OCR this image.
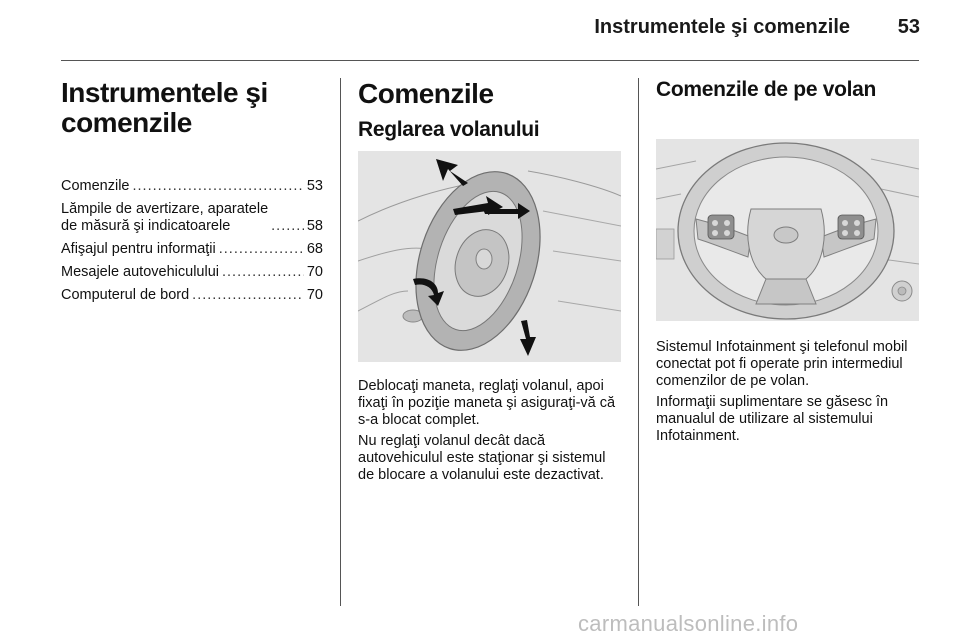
Instrumentele şi comenzile	53
Instrumentele şi
comenzile
Comenzile .....	53
Lămpile de avertizare, aparatele
de măsură şi indicatoarele .....	58
Afişajul pentru informaţii .....	68
Mesajele autovehiculului .....	70
Computerul de bord .....	70
Comenzile
Reglarea volanului

Deblocaţi maneta, reglaţi volanul, apoi fixaţi în poziţie maneta şi asiguraţi-vă că s-a blocat complet.

Nu reglaţi volanul decât dacă autovehiculul este staţionar şi sistemul de blocare a volanului este dezactivat.

Comenzile de pe volan

Sistemul Infotainment şi telefonul mobil conectat pot fi operate prin intermediul comenzilor de pe volan.

Informaţii suplimentare se găsesc în manualul de utilizare al sistemului Infotainment.

carmanualsonline.info
